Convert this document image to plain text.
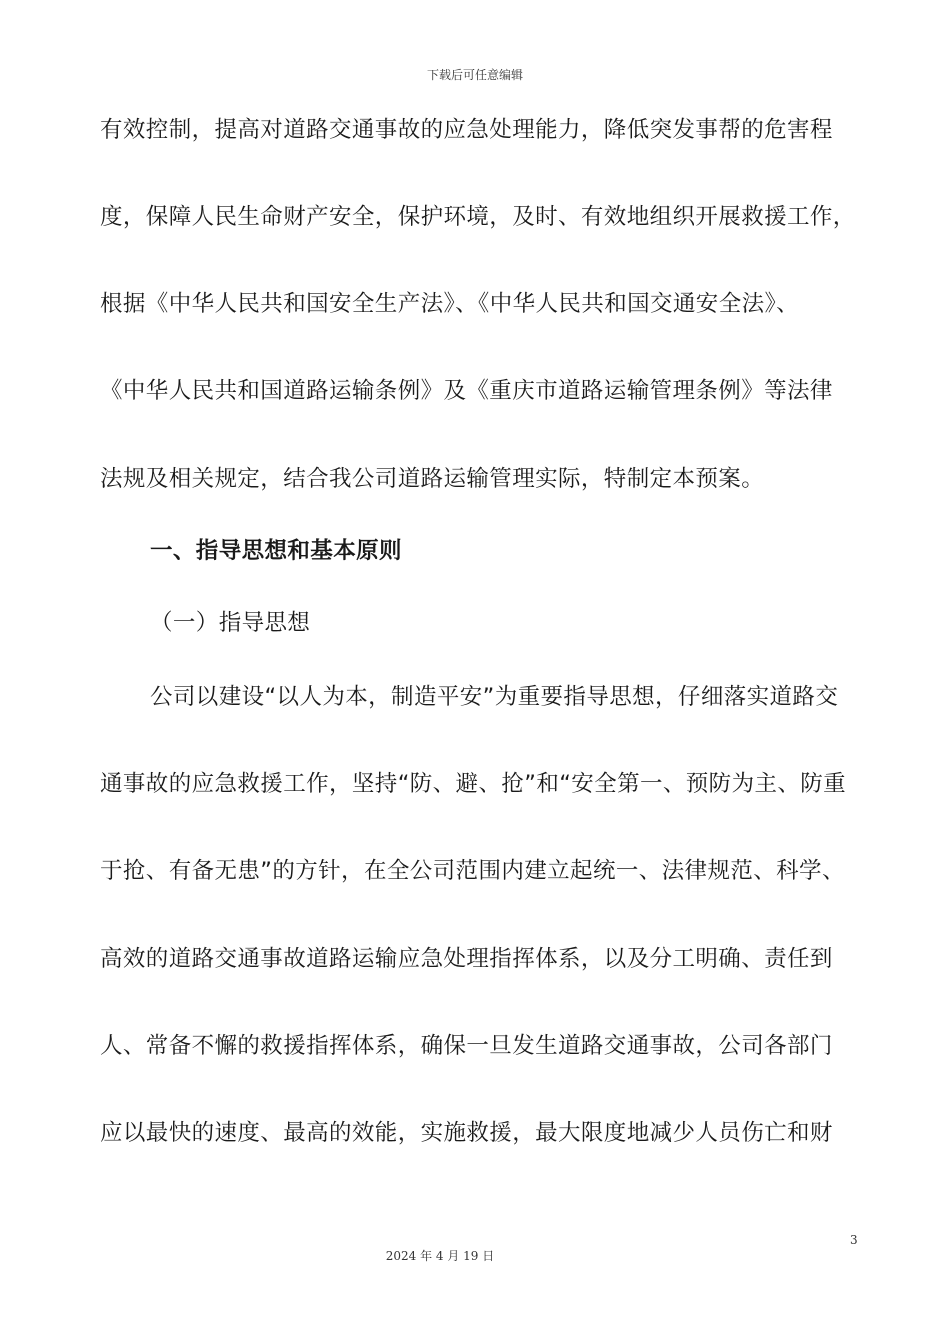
下载后可任意编辑
有效控制，提高对道路交通事故的应急处理能力，降低突发事帮的危害程
度，保障人民生命财产安全，保护环境，及时、有效地组织开展救援工作，
根据《中华人民共和国安全生产法》、《中华人民共和国交通安全法》、
《中华人民共和国道路运输条例》及《重庆市道路运输管理条例》等法律
法规及相关规定，结合我公司道路运输管理实际，特制定本预案。
一、指导思想和基本原则
（一）指导思想
公司以建设“以人为本，制造平安”为重要指导思想，仔细落实道路交
通事故的应急救援工作，坚持“防、避、抢”和“安全第一、预防为主、防重
于抢、有备无患”的方针，在全公司范围内建立起统一、法律规范、科学、
高效的道路交通事故道路运输应急处理指挥体系，以及分工明确、责任到
人、常备不懈的救援指挥体系，确保一旦发生道路交通事故，公司各部门
应以最快的速度、最高的效能，实施救援，最大限度地减少人员伤亡和财
3
2024 年 4 月 19 日
